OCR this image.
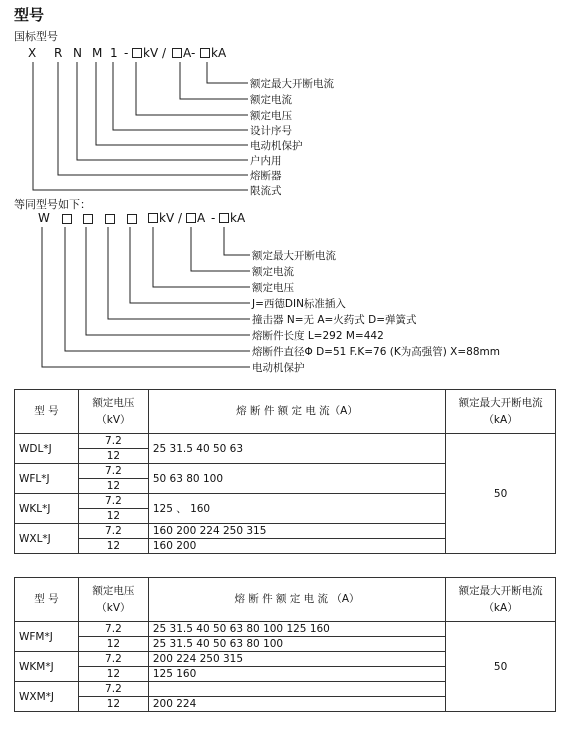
型号
国标型号
X R N M 1 -	kV /	A-	kA
额定最大开断电流
额定电流
额定电压
设计序号
电动机保护
户内用
熔断器
限流式
等同型号如下：
W	kV /	A -	kA
额定最大开断电流
额定电流
额定电压
J=西德DIN标准插入
撞击器 N=无 A=火药式 D=弹簧式
熔断件长度 L=292 M=442
熔断件直径Φ D=51 F.K=76 (K为高强管) X=88mm
电动机保护
型 号	额定电压（kV）	熔 断 件 额 定 电 流（A）	额定最大开断电流（kA）
WDL*J	7.2	25 31.5 40 50 63	50
	12		
WFL*J	7.2	50 63 80 100	
	12		
WKL*J	7.2	125 、 160	
	12		
WXL*J	7.2	160 200 224 250 315	
	12	160 200	
型 号	额定电压（kV）	熔 断 件 额 定 电 流 （A）	额定最大开断电流（kA）
WFM*J	7.2	25 31.5 40 50 63 80 100 125 160	50
	12	25 31.5 40 50 63 80 100	
WKM*J	7.2	200 224 250 315	
	12	125 160	
WXM*J	7.2		
	12	200 224	
